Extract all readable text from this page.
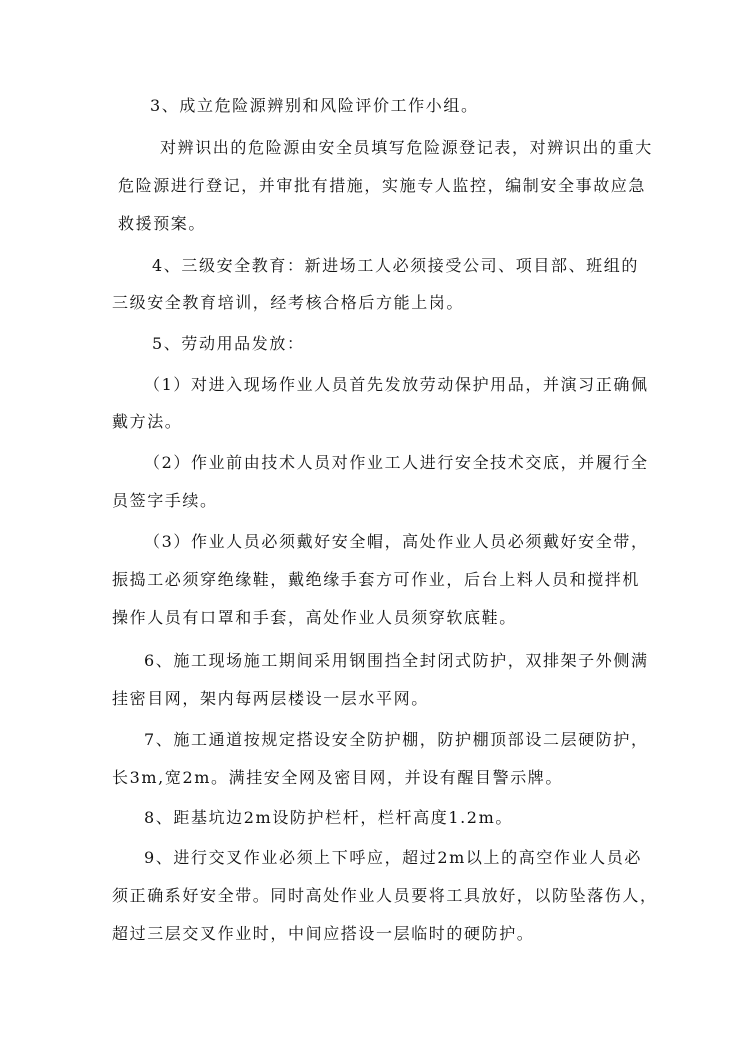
3、成立危险源辨别和风险评价工作小组。
对辨识出的危险源由安全员填写危险源登记表，对辨识出的重大
危险源进行登记，并审批有措施，实施专人监控，编制安全事故应急
救援预案。
4、三级安全教育：新进场工人必须接受公司、项目部、班组的
三级安全教育培训，经考核合格后方能上岗。
5、劳动用品发放：
（1）对进入现场作业人员首先发放劳动保护用品，并演习正确佩
戴方法。
（2）作业前由技术人员对作业工人进行安全技术交底，并履行全
员签字手续。
（3）作业人员必须戴好安全帽，高处作业人员必须戴好安全带，
振捣工必须穿绝缘鞋，戴绝缘手套方可作业，后台上料人员和搅拌机
操作人员有口罩和手套，高处作业人员须穿软底鞋。
6、施工现场施工期间采用钢围挡全封闭式防护，双排架子外侧满
挂密目网，架内每两层楼设一层水平网。
7、施工通道按规定搭设安全防护棚，防护棚顶部设二层硬防护，
长3m,宽2m。满挂安全网及密目网，并设有醒目警示牌。
8、距基坑边2m设防护栏杆，栏杆高度1.2m。
9、进行交叉作业必须上下呼应，超过2m以上的高空作业人员必
须正确系好安全带。同时高处作业人员要将工具放好，以防坠落伤人，
超过三层交叉作业时，中间应搭设一层临时的硬防护。
